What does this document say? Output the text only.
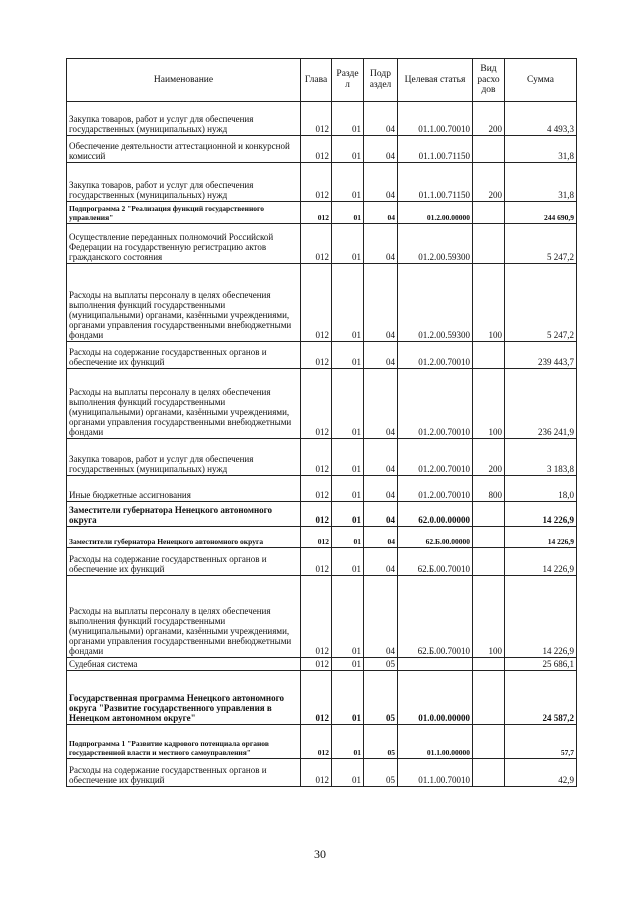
Наименование	Глава	Разде л	Подр аздел	Целевая статья	Вид расхо дов	Сумма
Закупка товаров, работ и услуг для обеспечения государственных (муниципальных) нужд	012	01	04	01.1.00.70010	200	4 493,3
Обеспечение деятельности аттестационной и конкурсной комиссий	012	01	04	01.1.00.71150		31,8
Закупка товаров, работ и услуг для обеспечения государственных (муниципальных) нужд	012	01	04	01.1.00.71150	200	31,8
Подпрограмма 2 "Реализация функций государственного управления"	012	01	04	01.2.00.00000		244 690,9
Осуществление переданных полномочий Российской Федерации на государственную регистрацию актов гражданского состояния	012	01	04	01.2.00.59300		5 247,2
Расходы на выплаты персоналу в целях обеспечения выполнения функций государственными (муниципальными) органами, казёнными учреждениями, органами управления государственными внебюджетными фондами	012	01	04	01.2.00.59300	100	5 247,2
Расходы на содержание государственных органов и обеспечение их функций	012	01	04	01.2.00.70010		239 443,7
Расходы на выплаты персоналу в целях обеспечения выполнения функций государственными (муниципальными) органами, казёнными учреждениями, органами управления государственными внебюджетными фондами	012	01	04	01.2.00.70010	100	236 241,9
Закупка товаров, работ и услуг для обеспечения государственных (муниципальных) нужд	012	01	04	01.2.00.70010	200	3 183,8
Иные бюджетные ассигнования	012	01	04	01.2.00.70010	800	18,0
Заместители губернатора Ненецкого автономного округа	012	01	04	62.0.00.00000		14 226,9
Заместители губернатора Ненецкого автономного округа	012	01	04	62.Б.00.00000		14 226,9
Расходы на содержание государственных органов и обеспечение их функций	012	01	04	62.Б.00.70010		14 226,9
Расходы на выплаты персоналу в целях обеспечения выполнения функций государственными (муниципальными) органами, казёнными учреждениями, органами управления государственными внебюджетными фондами	012	01	04	62.Б.00.70010	100	14 226,9
Судебная система	012	01	05			25 686,1
Государственная программа Ненецкого автономного округа "Развитие государственного управления в Ненецком автономном округе"	012	01	05	01.0.00.00000		24 587,2
Подпрограмма 1 "Развитие кадрового потенциала органов государственной власти и местного самоуправления"	012	01	05	01.1.00.00000		57,7
Расходы на содержание государственных органов и обеспечение их функций	012	01	05	01.1.00.70010		42,9
30
